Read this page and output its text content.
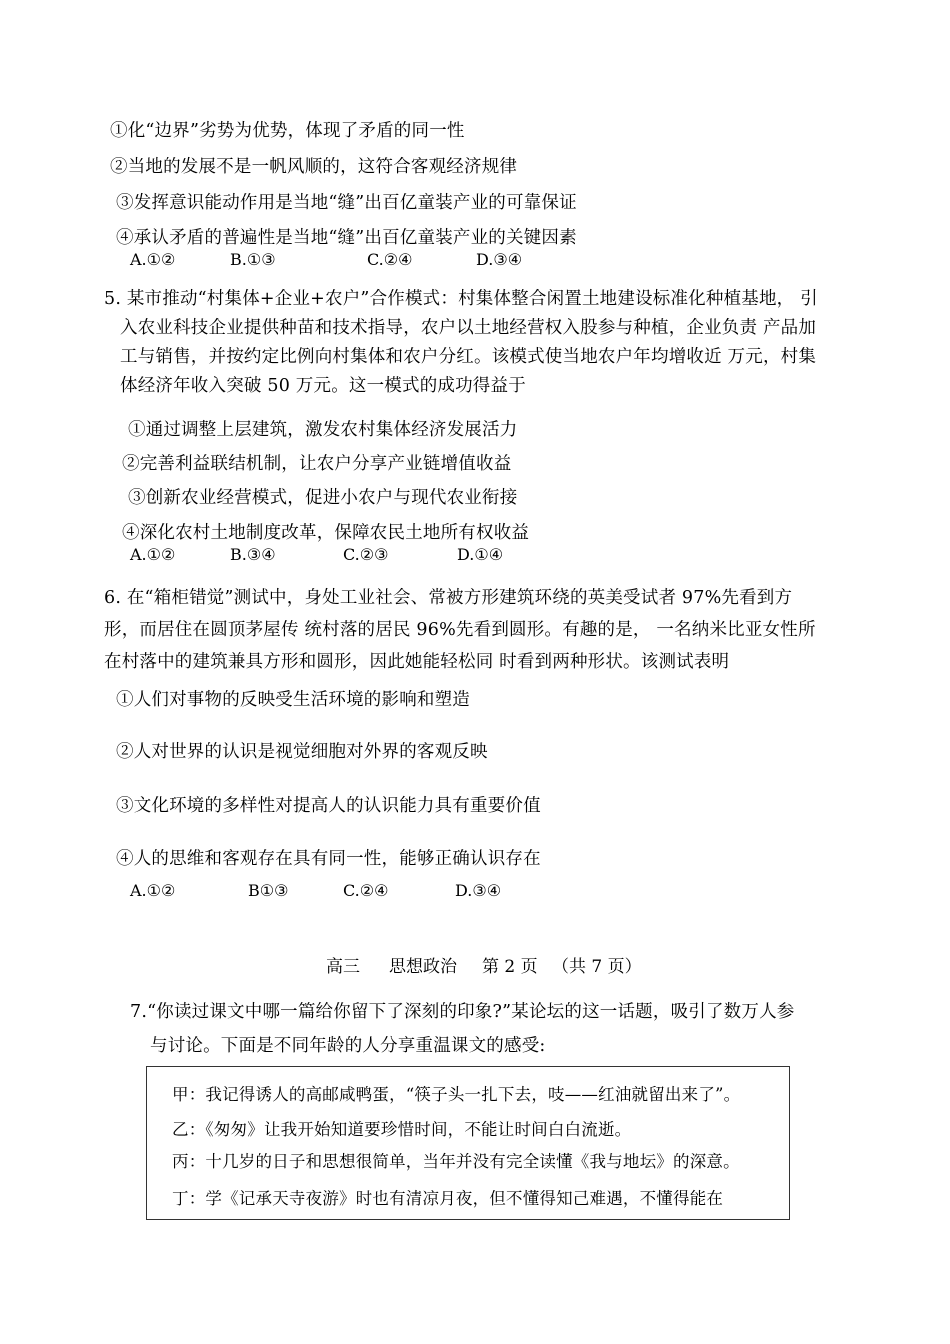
①化“边界”劣势为优势，体现了矛盾的同一性
②当地的发展不是一帆风顺的，这符合客观经济规律
③发挥意识能动作用是当地“缝”出百亿童装产业的可靠保证
④承认矛盾的普遍性是当地“缝”出百亿童装产业的关键因素
A.①②	B.①③	C.②④	D.③④
5. 某市推动“村集体+企业+农户”合作模式：村集体整合闲置土地建设标准化种植基地， 引
入农业科技企业提供种苗和技术指导，农户以土地经营权入股参与种植，企业负责 产品加
工与销售，并按约定比例向村集体和农户分红。该模式使当地农户年均增收近 万元，村集
体经济年收入突破 50 万元。这一模式的成功得益于
①通过调整上层建筑，激发农村集体经济发展活力
②完善利益联结机制，让农户分享产业链增值收益
③创新农业经营模式，促进小农户与现代农业衔接
④深化农村土地制度改革，保障农民土地所有权收益
A.①②	B.③④	C.②③	D.①④
6. 在“箱柜错觉”测试中，身处工业社会、常被方形建筑环绕的英美受试者 97%先看到方
形，而居住在圆顶茅屋传 统村落的居民 96%先看到圆形。有趣的是， 一名纳米比亚女性所
在村落中的建筑兼具方形和圆形，因此她能轻松同 时看到两种形状。该测试表明
①人们对事物的反映受生活环境的影响和塑造
②人对世界的认识是视觉细胞对外界的客观反映
③文化环境的多样性对提高人的认识能力具有重要价值
④人的思维和客观存在具有同一性，能够正确认识存在
A.①②	B①③	C.②④	D.③④
高三 思想政治 第 2 页 （共 7 页）
7.“你读过课文中哪一篇给你留下了深刻的印象?”某论坛的这一话题，吸引了数万人参
与讨论。下面是不同年龄的人分享重温课文的感受:
甲：我记得诱人的高邮咸鸭蛋，“筷子头一扎下去，吱——红油就留出来了”。
乙：《匆匆》让我开始知道要珍惜时间，不能让时间白白流逝。
丙：十几岁的日子和思想很简单，当年并没有完全读懂《我与地坛》的深意。
丁：学《记承天寺夜游》时也有清凉月夜，但不懂得知己难遇，不懂得能在
